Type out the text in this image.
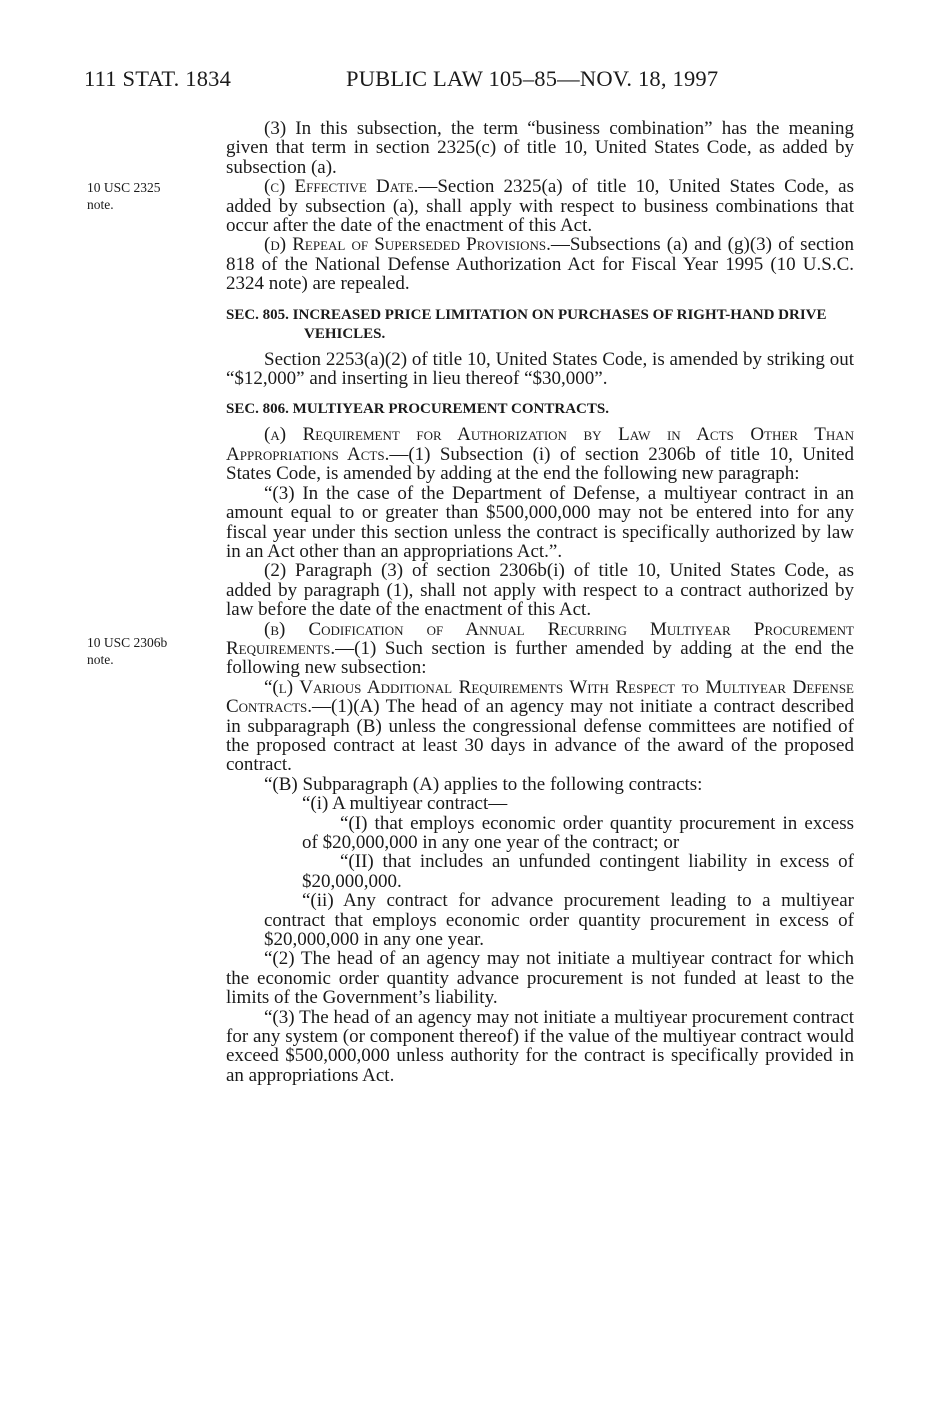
111 STAT. 1834	PUBLIC LAW 105–85—NOV. 18, 1997
10 USC 2325
note.
10 USC 2306b
note.

(3) In this subsection, the term “business combination” has the meaning given that term in section 2325(c) of title 10, United States Code, as added by subsection (a).

(c) Effective Date.—Section 2325(a) of title 10, United States Code, as added by subsection (a), shall apply with respect to business combinations that occur after the date of the enactment of this Act.

(d) Repeal of Superseded Provisions.—Subsections (a) and (g)(3) of section 818 of the National Defense Authorization Act for Fiscal Year 1995 (10 U.S.C. 2324 note) are repealed.

SEC. 805. INCREASED PRICE LIMITATION ON PURCHASES OF RIGHT-HAND DRIVE VEHICLES.

Section 2253(a)(2) of title 10, United States Code, is amended by striking out “$12,000” and inserting in lieu thereof “$30,000”.

SEC. 806. MULTIYEAR PROCUREMENT CONTRACTS.

(a) Requirement for Authorization by Law in Acts Other Than Appropriations Acts.—(1) Subsection (i) of section 2306b of title 10, United States Code, is amended by adding at the end the following new paragraph:

“(3) In the case of the Department of Defense, a multiyear contract in an amount equal to or greater than $500,000,000 may not be entered into for any fiscal year under this section unless the contract is specifically authorized by law in an Act other than an appropriations Act.”.

(2) Paragraph (3) of section 2306b(i) of title 10, United States Code, as added by paragraph (1), shall not apply with respect to a contract authorized by law before the date of the enactment of this Act.

(b) Codification of Annual Recurring Multiyear Procurement Requirements.—(1) Such section is further amended by adding at the end the following new subsection:

“(l) Various Additional Requirements With Respect to Multiyear Defense Contracts.—(1)(A) The head of an agency may not initiate a contract described in subparagraph (B) unless the congressional defense committees are notified of the proposed contract at least 30 days in advance of the award of the proposed contract.

“(B) Subparagraph (A) applies to the following contracts:

“(i) A multiyear contract—

“(I) that employs economic order quantity procurement in excess of $20,000,000 in any one year of the contract; or

“(II) that includes an unfunded contingent liability in excess of $20,000,000.

“(ii) Any contract for advance procurement leading to a multiyear contract that employs economic order quantity procurement in excess of $20,000,000 in any one year.

“(2) The head of an agency may not initiate a multiyear contract for which the economic order quantity advance procurement is not funded at least to the limits of the Government’s liability.

“(3) The head of an agency may not initiate a multiyear procurement contract for any system (or component thereof) if the value of the multiyear contract would exceed $500,000,000 unless authority for the contract is specifically provided in an appropriations Act.
